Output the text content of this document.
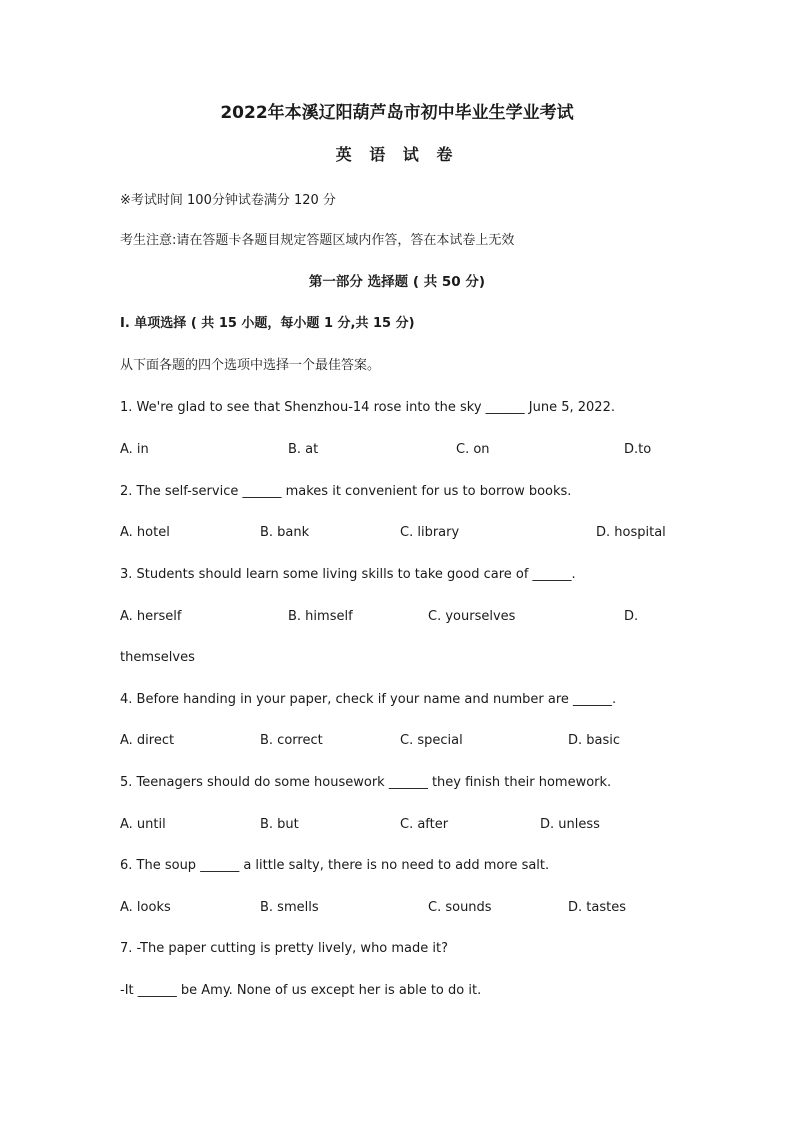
2022年本溪辽阳葫芦岛市初中毕业生学业考试
英 语 试 卷
※考试时间 100分钟试卷满分 120 分
考生注意:请在答题卡各题目规定答题区域内作答，答在本试卷上无效
第一部分 选择题 ( 共 50 分)
I. 单项选择 ( 共 15 小题，每小题 1 分,共 15 分)
从下面各题的四个选项中选择一个最佳答案。
1. We're glad to see that Shenzhou-14 rose into the sky ______ June 5, 2022.
A. in	B. at	C. on	D.to
2. The self-service ______ makes it convenient for us to borrow books.
A. hotel	B. bank	C. library	D. hospital
3. Students should learn some living skills to take good care of ______.
A. herself	B. himself	C. yourselves	D.
themselves
4. Before handing in your paper, check if your name and number are ______.
A. direct	B. correct	C. special	D. basic
5. Teenagers should do some housework ______ they finish their homework.
A. until	B. but	C. after	D. unless
6. The soup ______ a little salty, there is no need to add more salt.
A. looks	B. smells	C. sounds	D. tastes
7. -The paper cutting is pretty lively, who made it?
-It ______ be Amy. None of us except her is able to do it.
